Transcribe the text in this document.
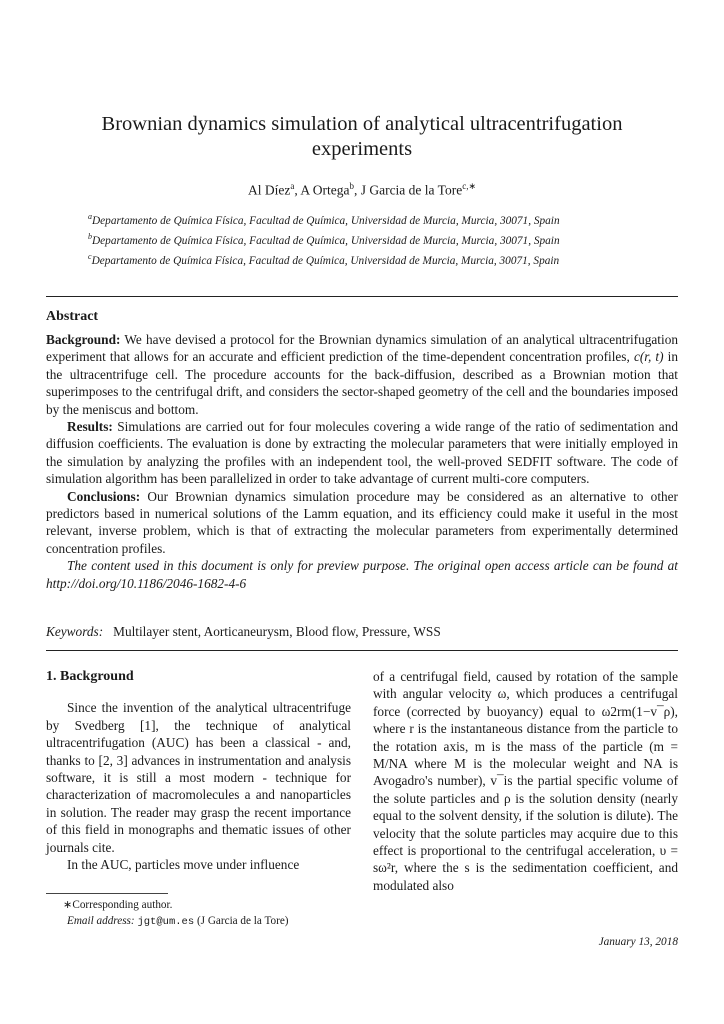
Brownian dynamics simulation of analytical ultracentrifugation experiments
Al Díez$^a$, A Ortega$^b$, J Garcia de la Tore$^{c,∗}$
$^a$Departamento de Química Física, Facultad de Química, Universidad de Murcia, Murcia, 30071, Spain
$^b$Departamento de Química Física, Facultad de Química, Universidad de Murcia, Murcia, 30071, Spain
$^c$Departamento de Química Física, Facultad de Química, Universidad de Murcia, Murcia, 30071, Spain
Abstract

Background: We have devised a protocol for the Brownian dynamics simulation of an analytical ultracentrifugation experiment that allows for an accurate and efficient prediction of the time-dependent concentration profiles, c(r, t) in the ultracentrifuge cell. The procedure accounts for the back-diffusion, described as a Brownian motion that superimposes to the centrifugal drift, and considers the sector-shaped geometry of the cell and the boundaries imposed by the meniscus and bottom.

Results: Simulations are carried out for four molecules covering a wide range of the ratio of sedimentation and diffusion coefficients. The evaluation is done by extracting the molecular parameters that were initially employed in the simulation by analyzing the profiles with an independent tool, the well-proved SEDFIT software. The code of simulation algorithm has been parallelized in order to take advantage of current multi-core computers.

Conclusions: Our Brownian dynamics simulation procedure may be considered as an alternative to other predictors based in numerical solutions of the Lamm equation, and its efficiency could make it useful in the most relevant, inverse problem, which is that of extracting the molecular parameters from experimentally determined concentration profiles.

The content used in this document is only for preview purpose. The original open access article can be found at http://doi.org/10.1186/2046-1682-4-6

Keywords: Multilayer stent, Aorticaneurysm, Blood flow, Pressure, WSS
1. Background

Since the invention of the analytical ultracentrifuge by Svedberg [1], the technique of analytical ultracentrifugation (AUC) has been a classical - and, thanks to [2, 3] advances in instrumentation and analysis software, it is still a most modern - technique for characterization of macromolecules a and nanoparticles in solution. The reader may grasp the recent importance of this field in monographs and thematic issues of other journals cite.

In the AUC, particles move under influence

of a centrifugal field, caused by rotation of the sample with angular velocity ω, which produces a centrifugal force (corrected by buoyancy) equal to ω2rm(1−v¯ρ), where r is the instantaneous distance from the particle to the rotation axis, m is the mass of the particle (m = M/NA where M is the molecular weight and NA is Avogadro's number), v¯is the partial specific volume of the solute particles and ρ is the solution density (nearly equal to the solvent density, if the solution is dilute). The velocity that the solute particles may acquire due to this effect is proportional to the centrifugal acceleration, υ = sω²r, where the s is the sedimentation coefficient, and modulated also

∗Corresponding author.
Email address: jgt@um.es (J Garcia de la Tore)
January 13, 2018
